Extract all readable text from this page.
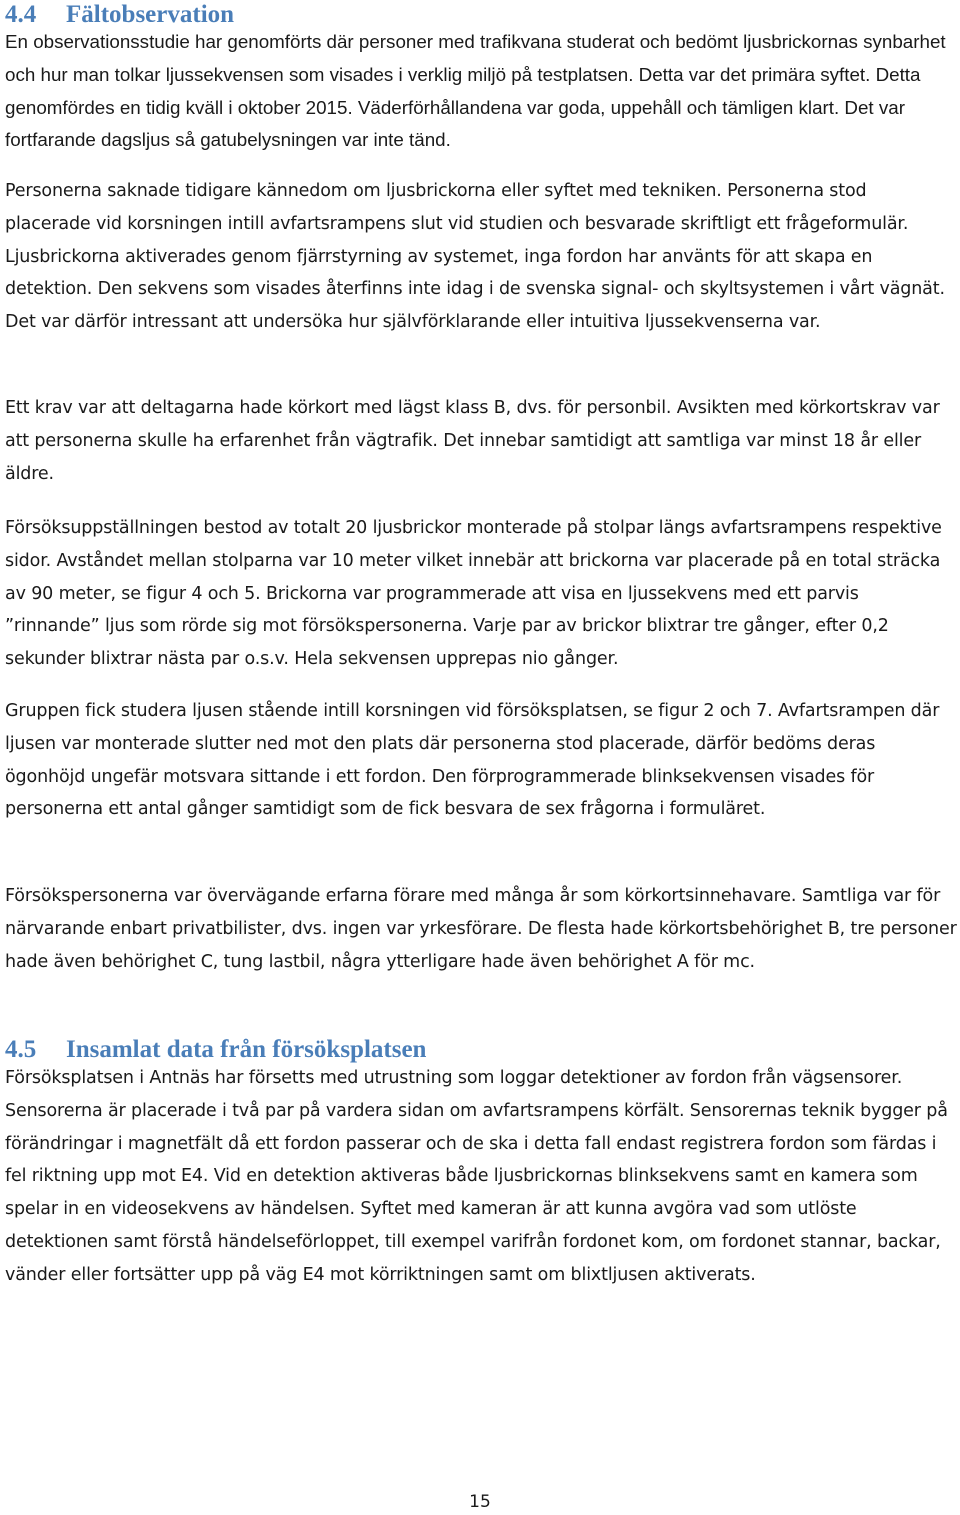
4.4 Fältobservation

En observationsstudie har genomförts där personer med trafikvana studerat och bedömt ljusbrickornas synbarhet och hur man tolkar ljussekvensen som visades i verklig miljö på testplatsen. Detta var det primära syftet. Detta genomfördes en tidig kväll i oktober 2015. Väderförhållandena var goda, uppehåll och tämligen klart. Det var fortfarande dagsljus så gatubelysningen var inte tänd.

Personerna saknade tidigare kännedom om ljusbrickorna eller syftet med tekniken. Personerna stod placerade vid korsningen intill avfartsrampens slut vid studien och besvarade skriftligt ett frågeformulär. Ljusbrickorna aktiverades genom fjärrstyrning av systemet, inga fordon har använts för att skapa en detektion. Den sekvens som visades återfinns inte idag i de svenska signal- och skyltsystemen i vårt vägnät. Det var därför intressant att undersöka hur självförklarande eller intuitiva ljussekvenserna var.

Ett krav var att deltagarna hade körkort med lägst klass B, dvs. för personbil. Avsikten med körkortskrav var att personerna skulle ha erfarenhet från vägtrafik. Det innebar samtidigt att samtliga var minst 18 år eller äldre.

Försöksuppställningen bestod av totalt 20 ljusbrickor monterade på stolpar längs avfartsrampens respektive sidor. Avståndet mellan stolparna var 10 meter vilket innebär att brickorna var placerade på en total sträcka av 90 meter, se figur 4 och 5. Brickorna var programmerade att visa en ljussekvens med ett parvis ”rinnande” ljus som rörde sig mot försökspersonerna. Varje par av brickor blixtrar tre gånger, efter 0,2 sekunder blixtrar nästa par o.s.v. Hela sekvensen upprepas nio gånger.

Gruppen fick studera ljusen stående intill korsningen vid försöksplatsen, se figur 2 och 7. Avfartsrampen där ljusen var monterade slutter ned mot den plats där personerna stod placerade, därför bedöms deras ögonhöjd ungefär motsvara sittande i ett fordon. Den förprogrammerade blinksekvensen visades för personerna ett antal gånger samtidigt som de fick besvara de sex frågorna i formuläret.

Försökspersonerna var övervägande erfarna förare med många år som körkortsinnehavare. Samtliga var för närvarande enbart privatbilister, dvs. ingen var yrkesförare. De flesta hade körkortsbehörighet B, tre personer hade även behörighet C, tung lastbil, några ytterligare hade även behörighet A för mc.

4.5 Insamlat data från försöksplatsen

Försöksplatsen i Antnäs har försetts med utrustning som loggar detektioner av fordon från vägsensorer. Sensorerna är placerade i två par på vardera sidan om avfartsrampens körfält. Sensorernas teknik bygger på förändringar i magnetfält då ett fordon passerar och de ska i detta fall endast registrera fordon som färdas i fel riktning upp mot E4. Vid en detektion aktiveras både ljusbrickornas blinksekvens samt en kamera som spelar in en videosekvens av händelsen. Syftet med kameran är att kunna avgöra vad som utlöste detektionen samt förstå händelseförloppet, till exempel varifrån fordonet kom, om fordonet stannar, backar, vänder eller fortsätter upp på väg E4 mot körriktningen samt om blixtljusen aktiverats.

15
